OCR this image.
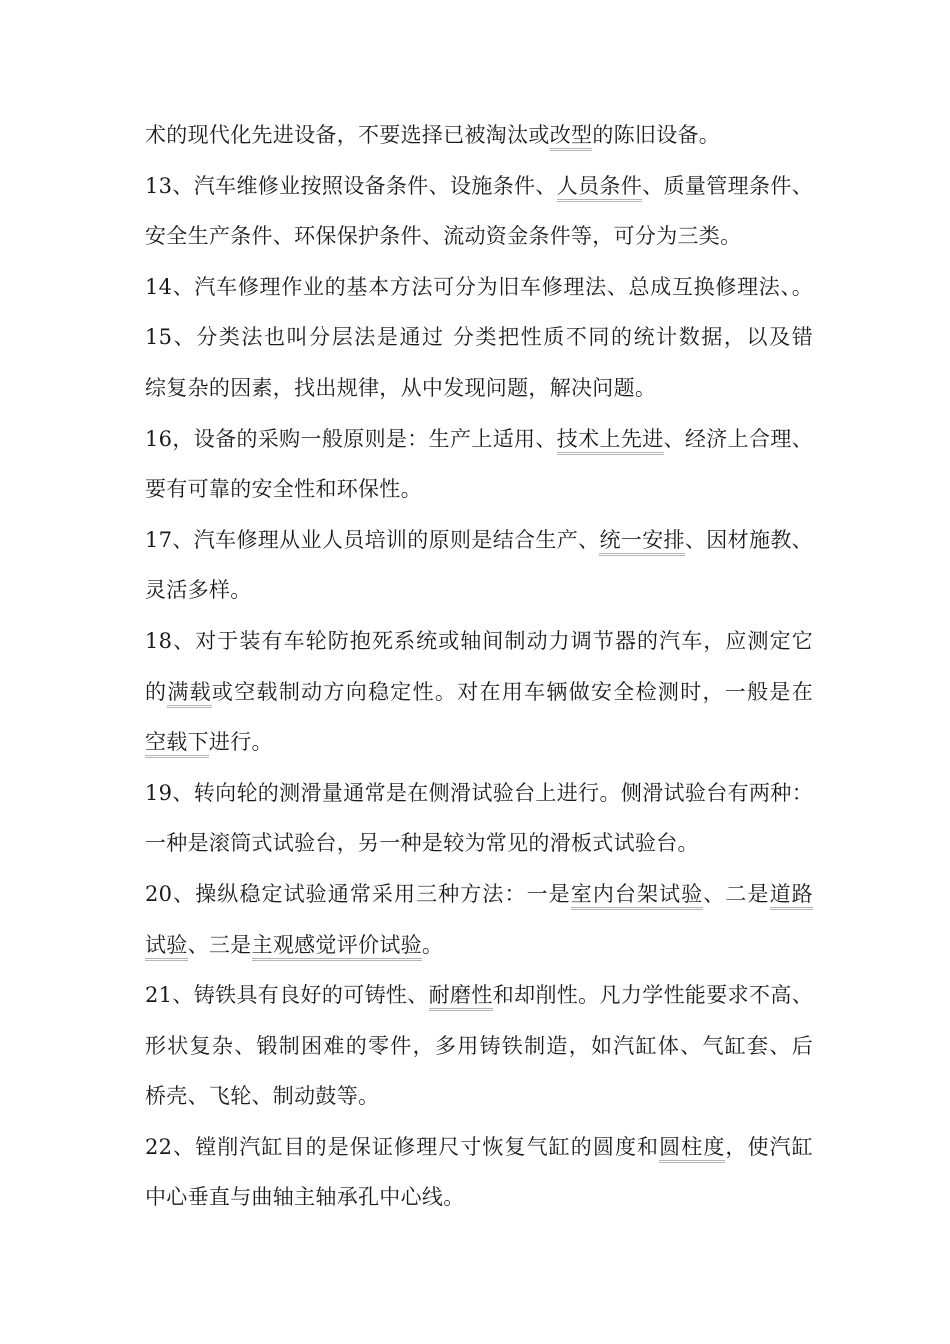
术的现代化先进设备，不要选择已被淘汰或改型的陈旧设备。
13、汽车维修业按照设备条件、设施条件、人员条件、质量管理条件、
安全生产条件、环保保护条件、流动资金条件等，可分为三类。
14、汽车修理作业的基本方法可分为旧车修理法、总成互换修理法、。
15、分类法也叫分层法是通过 分类把性质不同的统计数据，以及错
综复杂的因素，找出规律，从中发现问题，解决问题。
16，设备的采购一般原则是：生产上适用、技术上先进、经济上合理、
要有可靠的安全性和环保性。
17、汽车修理从业人员培训的原则是结合生产、统一安排、因材施教、
灵活多样。
18、对于装有车轮防抱死系统或轴间制动力调节器的汽车，应测定它
的满载或空载制动方向稳定性。对在用车辆做安全检测时，一般是在
空载下进行。
19、转向轮的测滑量通常是在侧滑试验台上进行。侧滑试验台有两种：
一种是滚筒式试验台，另一种是较为常见的滑板式试验台。
20、操纵稳定试验通常采用三种方法：一是室内台架试验、二是道路
试验、三是主观感觉评价试验。
21、铸铁具有良好的可铸性、耐磨性和却削性。凡力学性能要求不高、
形状复杂、锻制困难的零件，多用铸铁制造，如汽缸体、气缸套、后
桥壳、飞轮、制动鼓等。
22、镗削汽缸目的是保证修理尺寸恢复气缸的圆度和圆柱度，使汽缸
中心垂直与曲轴主轴承孔中心线。
